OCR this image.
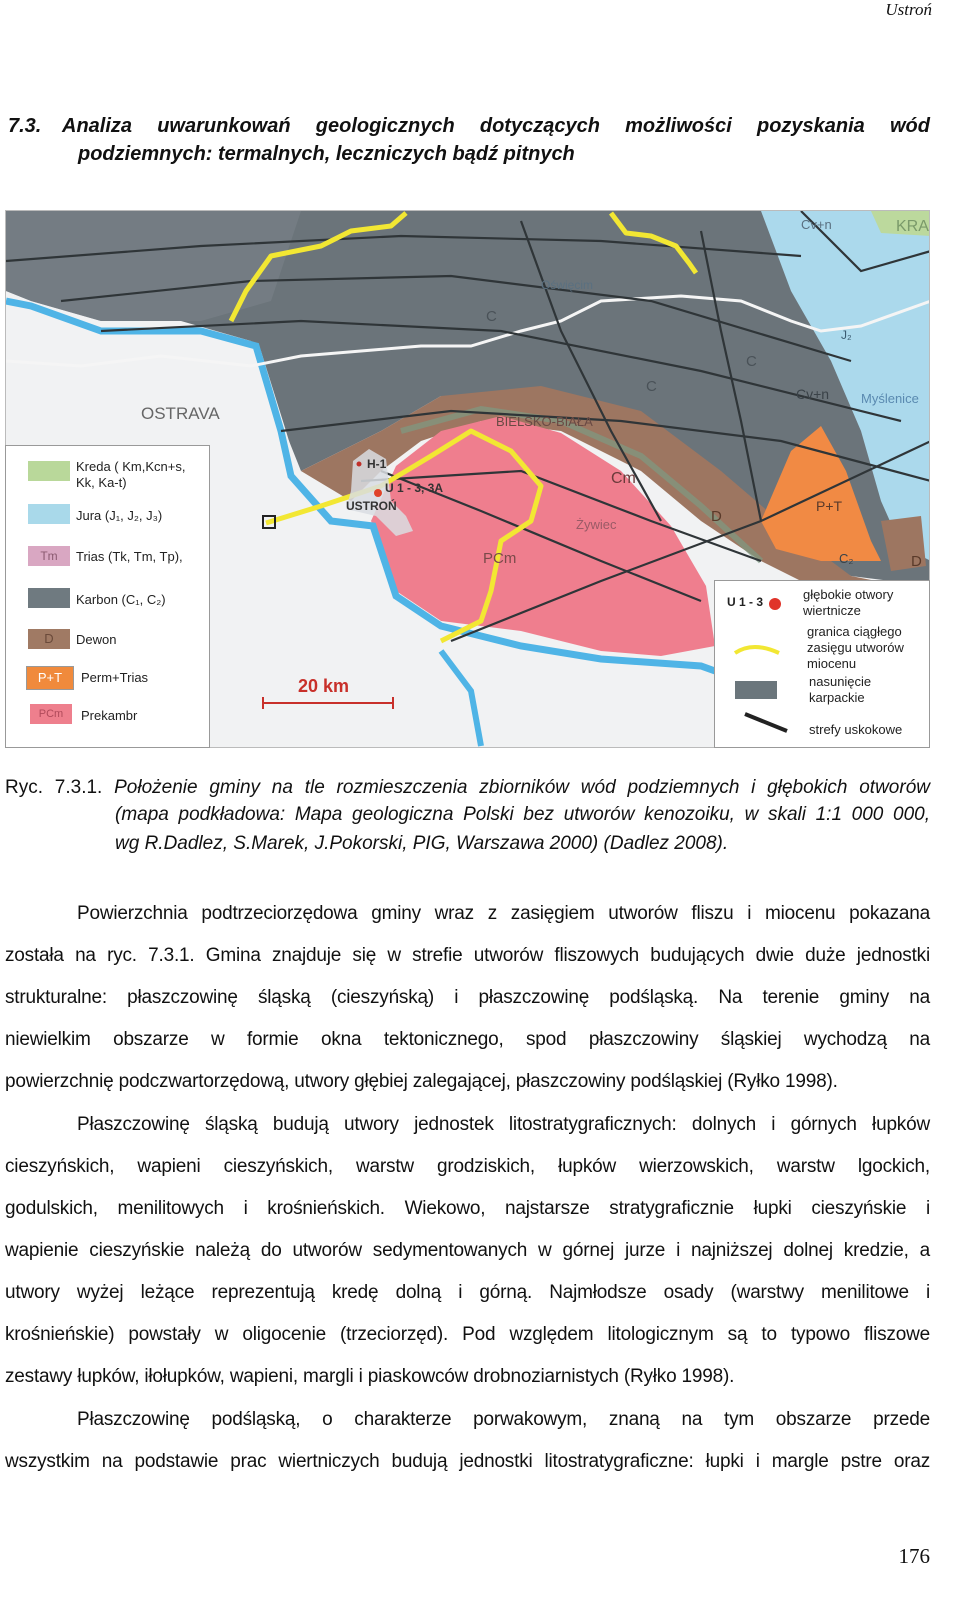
Ustroń
7.3. Analiza uwarunkowań geologicznych dotyczących możliwości pozyskania wód
podziemnych: termalnych, leczniczych bądź pitnych
OSTRAVA
H-1
U 1 - 3, 3A
USTROŃ
20 km
Cm
Żywiec
PCm
C
C
C
D
D
P+T
Cv+n
Cv+n
KRA
Myślenice
J₂
Oświęcim
BIELSKO-BIAŁA
C₂
Kreda ( Km,Kcn+s,
Kk, Ka-t)
Jura (J₁, J₂, J₃)
Tm	Trias (Tk, Tm, Tp),
Karbon (C₁, C₂)
D	Dewon
P+T	Perm+Trias
PCm	Prekambr
U 1 - 3	głębokie otwory
wiertnicze
granica ciągłego
zasięgu utworów
miocenu
nasunięcie
karpackie
strefy uskokowe
Ryc. 7.3.1. Położenie gminy na tle rozmieszczenia zbiorników wód podziemnych i głębokich otworów
(mapa podkładowa: Mapa geologiczna Polski bez utworów kenozoiku, w skali 1:1 000 000,
wg R.Dadlez, S.Marek, J.Pokorski, PIG, Warszawa 2000) (Dadlez 2008).
Powierzchnia podtrzeciorzędowa gminy wraz z zasięgiem utworów fliszu i miocenu pokazana
została na ryc. 7.3.1. Gmina znajduje się w strefie utworów fliszowych budujących dwie duże jednostki
strukturalne: płaszczowinę śląską (cieszyńską) i płaszczowinę podśląską. Na terenie gminy na
niewielkim obszarze w formie okna tektonicznego, spod płaszczowiny śląskiej wychodzą na
powierzchnię podczwartorzędową, utwory głębiej zalegającej, płaszczowiny podśląskiej (Ryłko 1998).
Płaszczowinę śląską budują utwory jednostek litostratygraficznych: dolnych i górnych łupków
cieszyńskich, wapieni cieszyńskich, warstw grodziskich, łupków wierzowskich, warstw lgockich,
godulskich, menilitowych i krośnieńskich. Wiekowo, najstarsze stratygraficznie łupki cieszyńskie i
wapienie cieszyńskie należą do utworów sedymentowanych w górnej jurze i najniższej dolnej kredzie, a
utwory wyżej leżące reprezentują kredę dolną i górną. Najmłodsze osady (warstwy menilitowe i
krośnieńskie) powstały w oligocenie (trzeciorzęd). Pod względem litologicznym są to typowo fliszowe
zestawy łupków, iłołupków, wapieni, margli i piaskowców drobnoziarnistych (Ryłko 1998).
Płaszczowinę podśląską, o charakterze porwakowym, znaną na tym obszarze przede
wszystkim na podstawie prac wiertniczych budują jednostki litostratygraficzne: łupki i margle pstre oraz
176
